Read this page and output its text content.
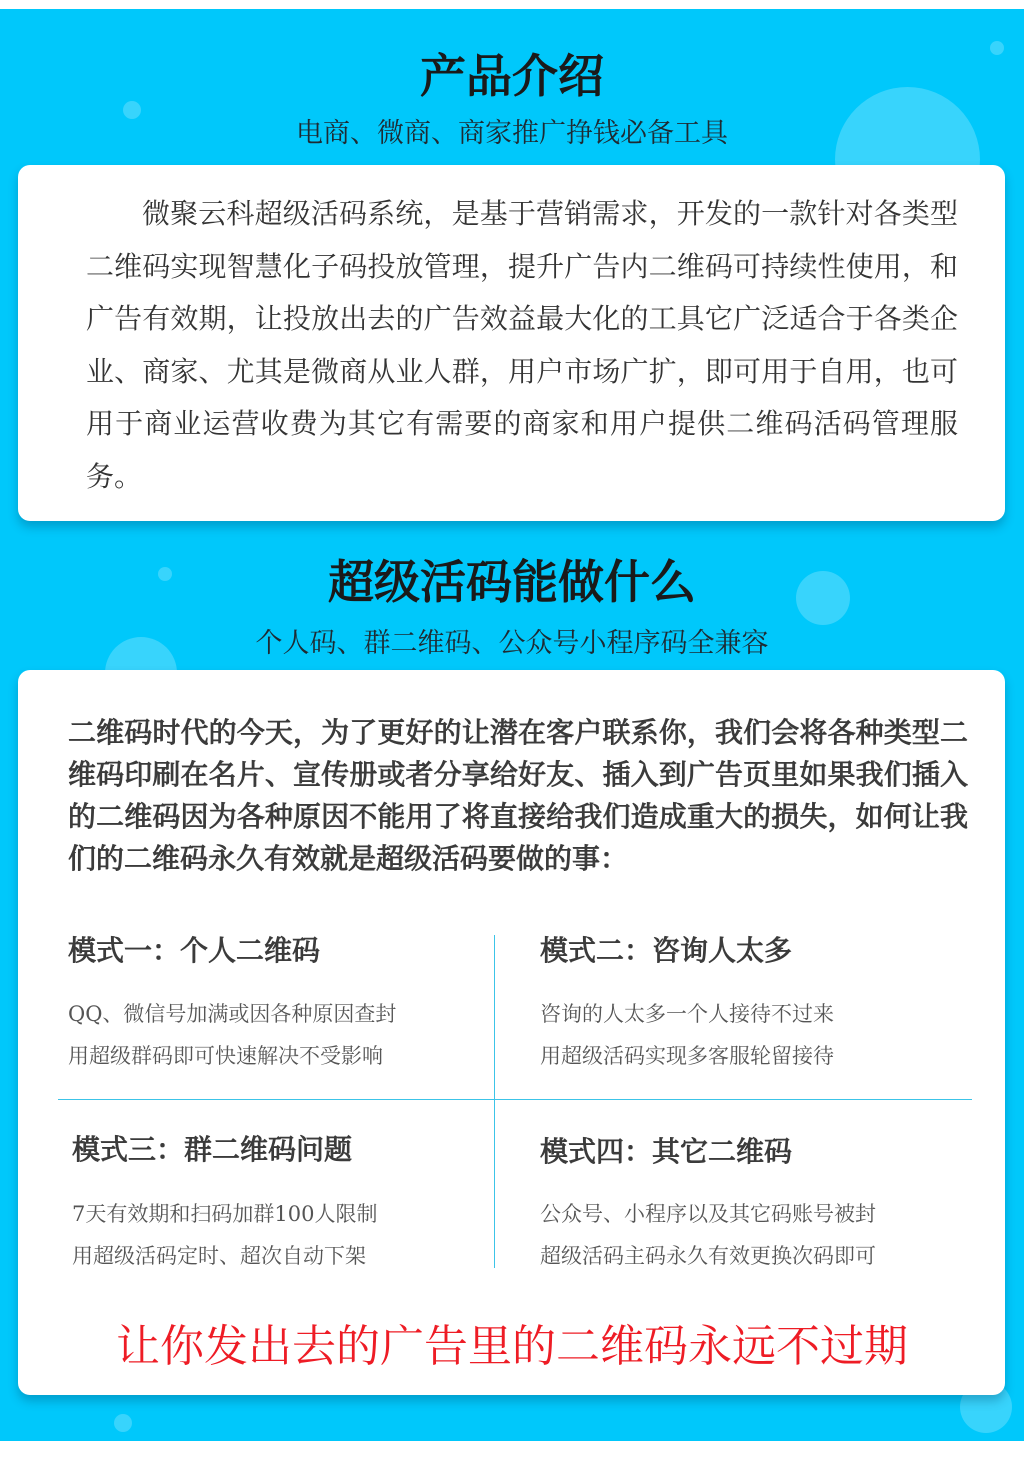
产品介绍
电商、微商、商家推广挣钱必备工具

微聚云科超级活码系统，是基于营销需求，开发的一款针对各类型二维码实现智慧化子码投放管理，提升广告内二维码可持续性使用，和广告有效期，让投放出去的广告效益最大化的工具它广泛适合于各类企业、商家、尤其是微商从业人群，用户市场广扩，即可用于自用，也可用于商业运营收费为其它有需要的商家和用户提供二维码活码管理服务。

超级活码能做什么
个人码、群二维码、公众号小程序码全兼容

二维码时代的今天，为了更好的让潜在客户联系你，我们会将各种类型二维码印刷在名片、宣传册或者分享给好友、插入到广告页里如果我们插入的二维码因为各种原因不能用了将直接给我们造成重大的损失，如何让我们的二维码永久有效就是超级活码要做的事：

模式一：个人二维码
QQ、微信号加满或因各种原因查封
用超级群码即可快速解决不受影响
模式二：咨询人太多
咨询的人太多一个人接待不过来
用超级活码实现多客服轮留接待
模式三：群二维码问题
7天有效期和扫码加群100人限制
用超级活码定时、超次自动下架
模式四：其它二维码
公众号、小程序以及其它码账号被封
超级活码主码永久有效更换次码即可
让你发出去的广告里的二维码永远不过期
